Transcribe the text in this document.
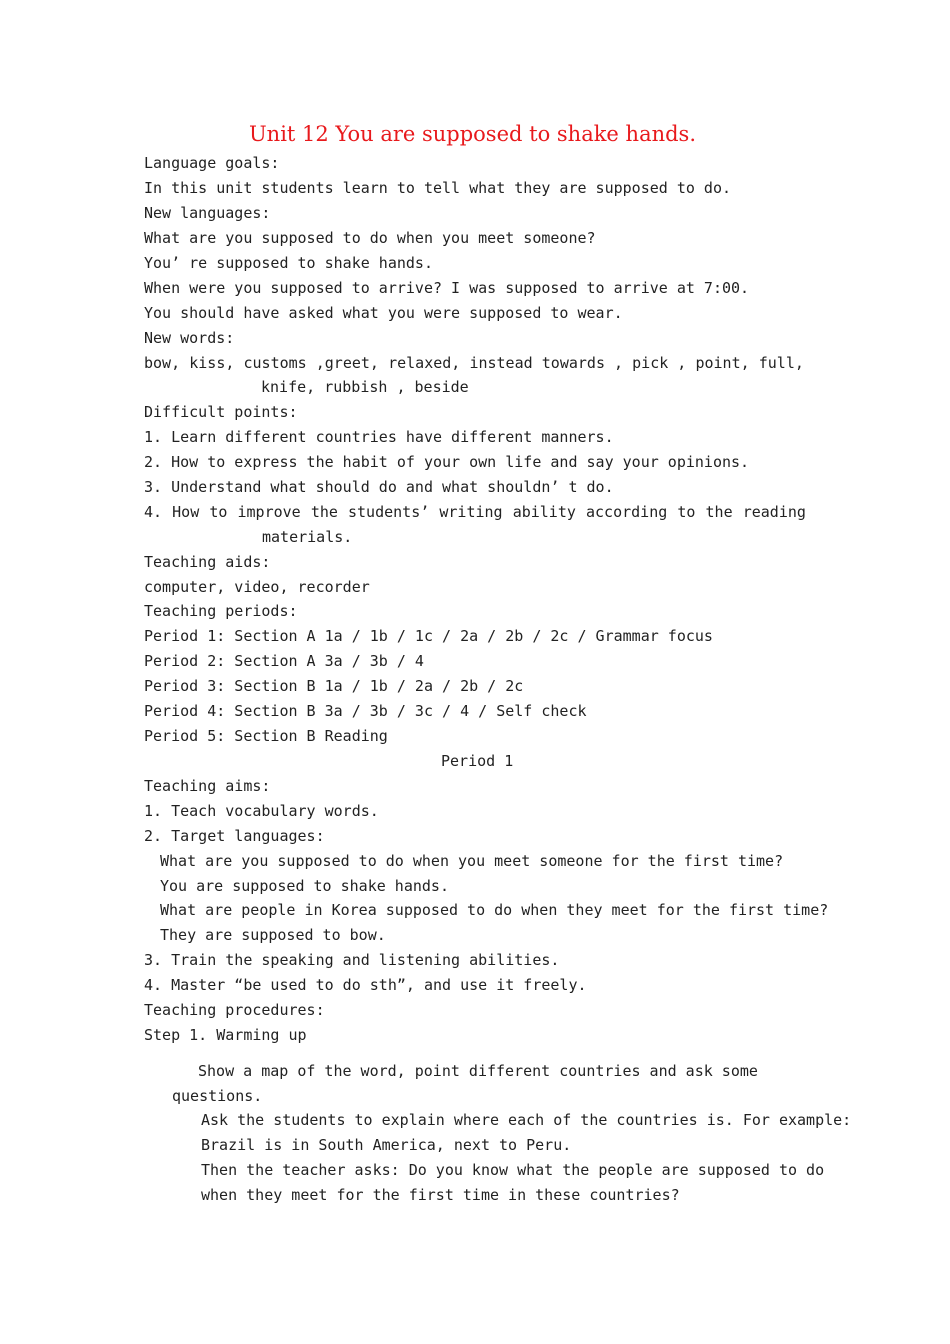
Unit 12 You are supposed to shake hands.
Language goals:
In this unit students learn to tell what they are supposed to do.
New languages:
What are you supposed to do when you meet someone?
You’ re supposed to shake hands.
When were you supposed to arrive? I was supposed to arrive at 7:00.
You should have asked what you were supposed to wear.
New words:
bow, kiss, customs ,greet, relaxed, instead towards , pick , point, full,
knife, rubbish , beside
Difficult points:
1. Learn different countries have different manners.
2. How to express the habit of your own life and say your opinions.
3. Understand what should do and what shouldn’ t do.
4. How to improve the students’ writing ability according to the reading
materials.
Teaching aids:
computer, video, recorder
Teaching periods:
Period 1: Section A 1a / 1b / 1c / 2a / 2b / 2c / Grammar focus
Period 2: Section A 3a / 3b / 4
Period 3: Section B 1a / 1b / 2a / 2b / 2c
Period 4: Section B 3a / 3b / 3c / 4 / Self check
Period 5: Section B Reading
Period 1
Teaching aims:
1. Teach vocabulary words.
2. Target languages:
What are you supposed to do when you meet someone for the first time?
You are supposed to shake hands.
What are people in Korea supposed to do when they meet for the first time?
They are supposed to bow.
3. Train the speaking and listening abilities.
4. Master “be used to do sth”, and use it freely.
Teaching procedures:
Step 1. Warming up
Show a map of the word, point different countries and ask some
questions.
Ask the students to explain where each of the countries is. For example:
Brazil is in South America, next to Peru.
Then the teacher asks: Do you know what the people are supposed to do
when they meet for the first time in these countries?
